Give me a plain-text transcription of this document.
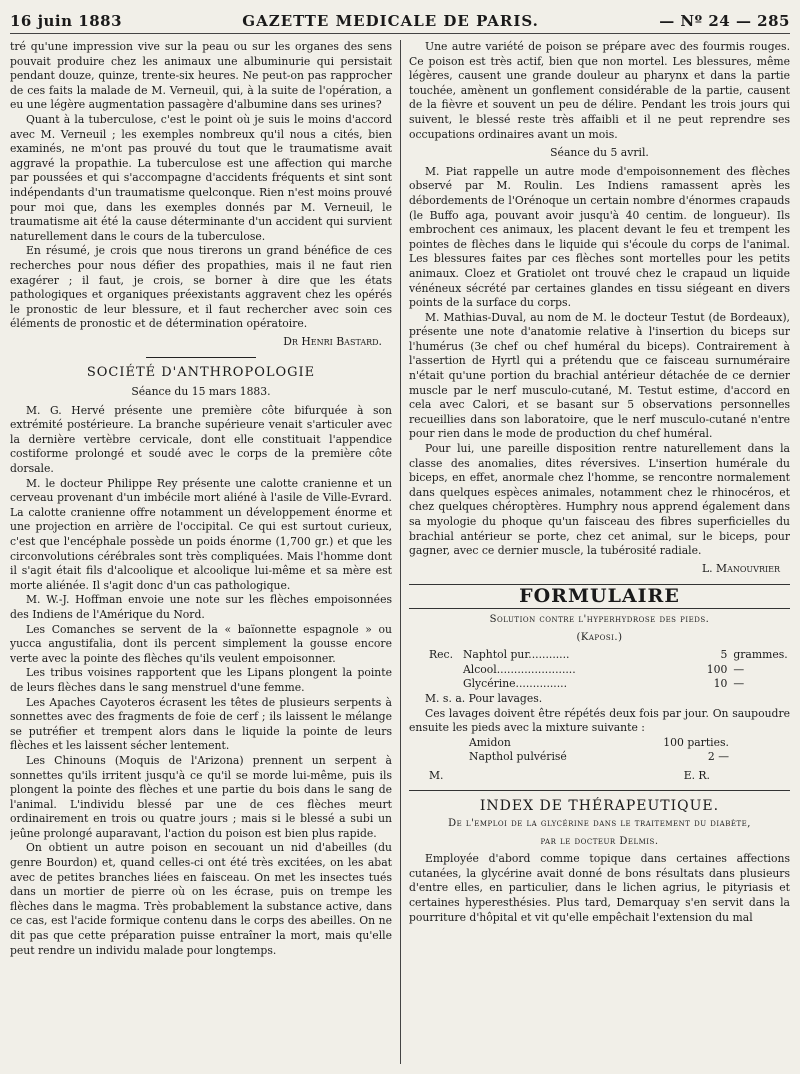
16 juin 1883	GAZETTE MEDICALE DE PARIS.	— Nº 24 — 285

tré qu'une impression vive sur la peau ou sur les organes des sens pouvait produire chez les animaux une albuminurie qui persistait pendant douze, quinze, trente-six heures. Ne peut-on pas rapprocher de ces faits la malade de M. Verneuil, qui, à la suite de l'opération, a eu une légère augmentation passagère d'albumine dans ses urines?

Quant à la tuberculose, c'est le point où je suis le moins d'accord avec M. Verneuil ; les exemples nombreux qu'il nous a cités, bien examinés, ne m'ont pas prouvé du tout que le traumatisme avait aggravé la propathie. La tuberculose est une affection qui marche par poussées et qui s'accompagne d'accidents fréquents et sint sont indépendants d'un traumatisme quelconque. Rien n'est moins prouvé pour moi que, dans les exemples donnés par M. Verneuil, le traumatisme ait été la cause déterminante d'un accident qui survient naturellement dans le cours de la tuberculose.

En résumé, je crois que nous tirerons un grand bénéfice de ces recherches pour nous défier des propathies, mais il ne faut rien exagérer ; il faut, je crois, se borner à dire que les états pathologiques et organiques préexistants aggravent chez les opérés le pronostic de leur blessure, et il faut rechercher avec soin ces éléments de pronostic et de détermination opératoire.

Dr Henri Bastard.
SOCIÉTÉ D'ANTHROPOLOGIE

Séance du 15 mars 1883.

M. G. Hervé présente une première côte bifurquée à son extrémité postérieure. La branche supérieure venait s'articuler avec la dernière vertèbre cervicale, dont elle constituait l'appendice costiforme prolongé et soudé avec le corps de la première côte dorsale.

M. le docteur Philippe Rey présente une calotte cranienne et un cerveau provenant d'un imbécile mort aliéné à l'asile de Ville-Evrard. La calotte cranienne offre notamment un développement énorme et une projection en arrière de l'occipital. Ce qui est surtout curieux, c'est que l'encéphale possède un poids énorme (1,700 gr.) et que les circonvolutions cérébrales sont très compliquées. Mais l'homme dont il s'agit était fils d'alcoolique et alcoolique lui-même et sa mère est morte aliénée. Il s'agit donc d'un cas pathologique.

M. W.-J. Hoffman envoie une note sur les flèches empoisonnées des Indiens de l'Amérique du Nord.

Les Comanches se servent de la « baïonnette espagnole » ou yucca angustifalia, dont ils percent simplement la gousse encore verte avec la pointe des flèches qu'ils veulent empoisonner.

Les tribus voisines rapportent que les Lipans plongent la pointe de leurs flèches dans le sang menstruel d'une femme.

Les Apaches Cayoteros écrasent les têtes de plusieurs serpents à sonnettes avec des fragments de foie de cerf ; ils laissent le mélange se putréfier et trempent alors dans le liquide la pointe de leurs flèches et les laissent sécher lentement.

Les Chinouns (Moquis de l'Arizona) prennent un serpent à sonnettes qu'ils irritent jusqu'à ce qu'il se morde lui-même, puis ils plongent la pointe des flèches et une partie du bois dans le sang de l'animal. L'individu blessé par une de ces flèches meurt ordinairement en trois ou quatre jours ; mais si le blessé a subi un jeûne prolongé auparavant, l'action du poison est bien plus rapide.

On obtient un autre poison en secouant un nid d'abeilles (du genre Bourdon) et, quand celles-ci ont été très excitées, on les abat avec de petites branches liées en faisceau. On met les insectes tués dans un mortier de pierre où on les écrase, puis on trempe les flèches dans le magma. Très probablement la substance active, dans ce cas, est l'acide formique contenu dans le corps des abeilles. On ne dit pas que cette préparation puisse entraîner la mort, mais qu'elle peut rendre un individu malade pour longtemps.

Une autre variété de poison se prépare avec des fourmis rouges. Ce poison est très actif, bien que non mortel. Les blessures, même légères, causent une grande douleur au pharynx et dans la partie touchée, amènent un gonflement considérable de la partie, causent de la fièvre et souvent un peu de délire. Pendant les trois jours qui suivent, le blessé reste très affaibli et il ne peut reprendre ses occupations ordinaires avant un mois.

Séance du 5 avril.

M. Piat rappelle un autre mode d'empoisonnement des flèches observé par M. Roulin. Les Indiens ramassent après les débordements de l'Orénoque un certain nombre d'énormes crapauds (le Buffo aga, pouvant avoir jusqu'à 40 centim. de longueur). Ils embrochent ces animaux, les placent devant le feu et trempent les pointes de flèches dans le liquide qui s'écoule du corps de l'animal. Les blessures faites par ces flèches sont mortelles pour les petits animaux. Cloez et Gratiolet ont trouvé chez le crapaud un liquide vénéneux sécrété par certaines glandes en tissu siégeant en divers points de la surface du corps.

M. Mathias-Duval, au nom de M. le docteur Testut (de Bordeaux), présente une note d'anatomie relative à l'insertion du biceps sur l'humérus (3e chef ou chef huméral du biceps). Contrairement à l'assertion de Hyrtl qui a prétendu que ce faisceau surnuméraire n'était qu'une portion du brachial antérieur détachée de ce dernier muscle par le nerf musculo-cutané, M. Testut estime, d'accord en cela avec Calori, et se basant sur 5 observations personnelles recueillies dans son laboratoire, que le nerf musculo-cutané n'entre pour rien dans le mode de production du chef huméral.

Pour lui, une pareille disposition rentre naturellement dans la classe des anomalies, dites réversives. L'insertion humérale du biceps, en effet, anormale chez l'homme, se rencontre normalement dans quelques espèces animales, notamment chez le rhinocéros, et chez quelques chéroptères. Humphry nous apprend également dans sa myologie du phoque qu'un faisceau des fibres superficielles du brachial antérieur se porte, chez cet animal, sur le biceps, pour gagner, avec ce dernier muscle, la tubérosité radiale.

L. Manouvrier
FORMULAIRE
Solution contre l'hyperhydrose des pieds.
(Kaposi.)
Rec. Naphtol pur............	5 grammes.
Alcool.......................	100 —
Glycérine...............	10 —

M. s. a. Pour lavages.

Ces lavages doivent être répétés deux fois par jour. On saupoudre ensuite les pieds avec la mixture suivante :

Amidon	100 parties.
Napthol pulvérisé	2 —
M.	E. R.
INDEX DE THÉRAPEUTIQUE.
De l'emploi de la glycérine dans le traitement du diabète,
par le docteur Delmis.

Employée d'abord comme topique dans certaines affections cutanées, la glycérine avait donné de bons résultats dans plusieurs d'entre elles, en particulier, dans le lichen agrius, le pityriasis et certaines hyperesthésies. Plus tard, Demarquay s'en servit dans la pourriture d'hôpital et vit qu'elle empêchait l'extension du mal
